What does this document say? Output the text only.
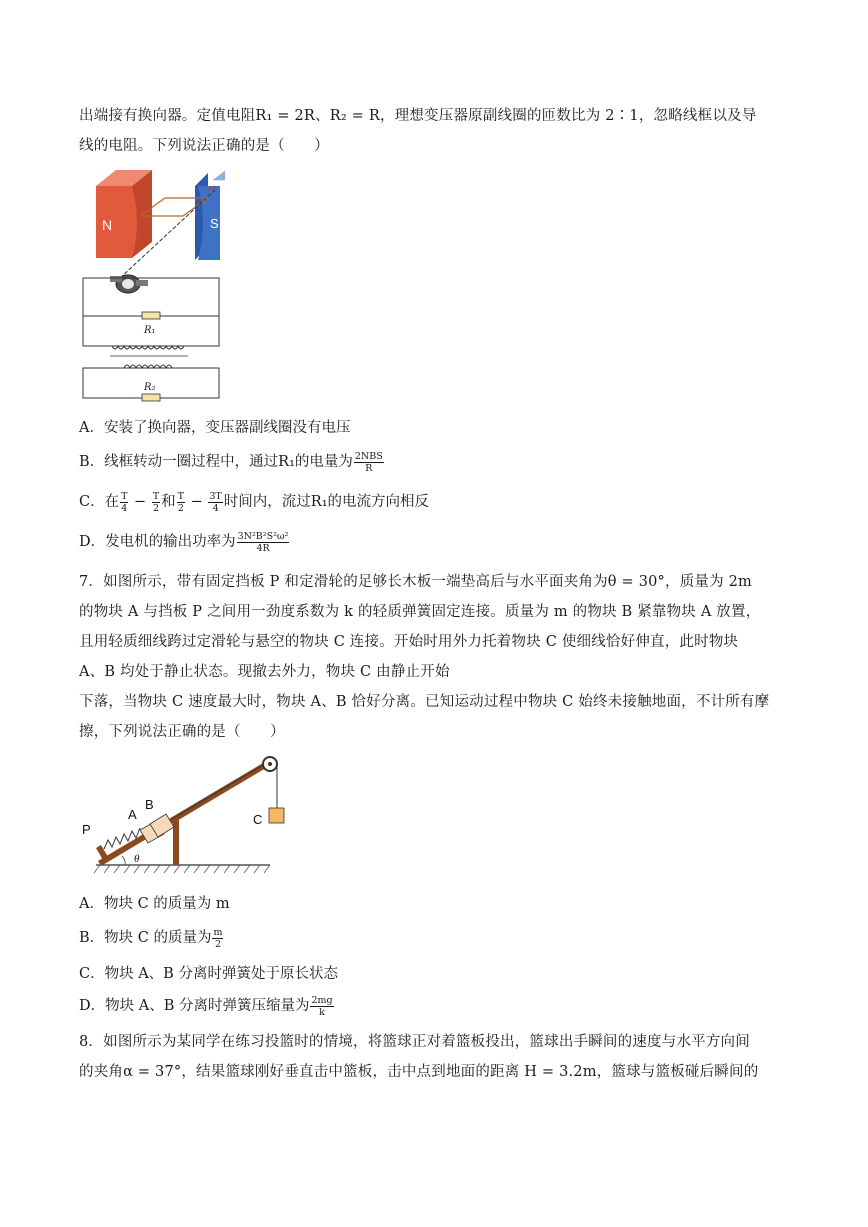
出端接有换向器。定值电阻R₁ = 2R、R₂ = R，理想变压器原副线圈的匝数比为 2∶1，忽略线框以及导
线的电阻。下列说法正确的是（　　）
N	S
R₁
R₂
A．安装了换向器，变压器副线圈没有电压
B．线框转动一圈过程中，通过R₁的电量为 $\frac{\text{2NBS}}{R}$
C．在 $\frac{T}{4} - \frac{T}{2}$ 和 $\frac{T}{2} - \frac{3T}{4}$ 时间内，流过R₁的电流方向相反
D．发电机的输出功率为 $\frac{\text{3N²B²S²ω²}}{4R}$
7．如图所示，带有固定挡板 P 和定滑轮的足够长木板一端垫高后与水平面夹角为θ = 30°，质量为 2m
的物块 A 与挡板 P 之间用一劲度系数为 k 的轻质弹簧固定连接。质量为 m 的物块 B 紧靠物块 A 放置，
且用轻质细线跨过定滑轮与悬空的物块 C 连接。开始时用外力托着物块 C 使细线恰好伸直，此时物块
A、B 均处于静止状态。现撤去外力，物块 C 由静止开始
下落，当物块 C 速度最大时，物块 A、B 恰好分离。已知运动过程中物块 C 始终未接触地面，不计所有摩
擦，下列说法正确的是（　　）
A
B
C
P
θ
A．物块 C 的质量为 m
B．物块 C 的质量为 $\frac{m}{2}$
C．物块 A、B 分离时弹簧处于原长状态
D．物块 A、B 分离时弹簧压缩量为 $\frac{2mg}{k}$
8．如图所示为某同学在练习投篮时的情境，将篮球正对着篮板投出，篮球出手瞬间的速度与水平方向间
的夹角α = 37°，结果篮球刚好垂直击中篮板，击中点到地面的距离 H = 3.2m，篮球与篮板碰后瞬间的
